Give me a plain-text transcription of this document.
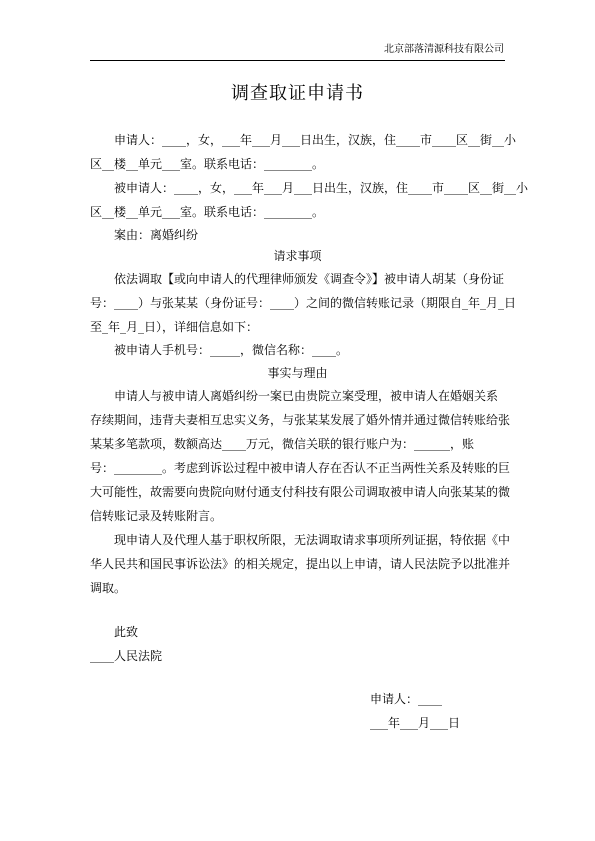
北京部落清源科技有限公司
调查取证申请书
申请人：____，女，___年___月___日出生，汉族，住____市____区__街__小
区__楼__单元___室。联系电话：________。
被申请人：____，女，___年___月___日出生，汉族，住____市____区__街__小
区__楼__单元___室。联系电话：________。
案由：离婚纠纷
请求事项
依法调取【或向申请人的代理律师颁发《调查令》】被申请人胡某（身份证
号：____）与张某某（身份证号：____）之间的微信转账记录（期限自_年_月_日
至_年_月_日），详细信息如下：
被申请人手机号：_____，微信名称：____。
事实与理由
申请人与被申请人离婚纠纷一案已由贵院立案受理，被申请人在婚姻关系
存续期间，违背夫妻相互忠实义务，与张某某发展了婚外情并通过微信转账给张
某某多笔款项，数额高达____万元，微信关联的银行账户为：______，账
号：________。考虑到诉讼过程中被申请人存在否认不正当两性关系及转账的巨
大可能性，故需要向贵院向财付通支付科技有限公司调取被申请人向张某某的微
信转账记录及转账附言。
现申请人及代理人基于职权所限，无法调取请求事项所列证据，特依据《中
华人民共和国民事诉讼法》的相关规定，提出以上申请，请人民法院予以批准并
调取。
此致
____人民法院
申请人：____
___年___月___日
